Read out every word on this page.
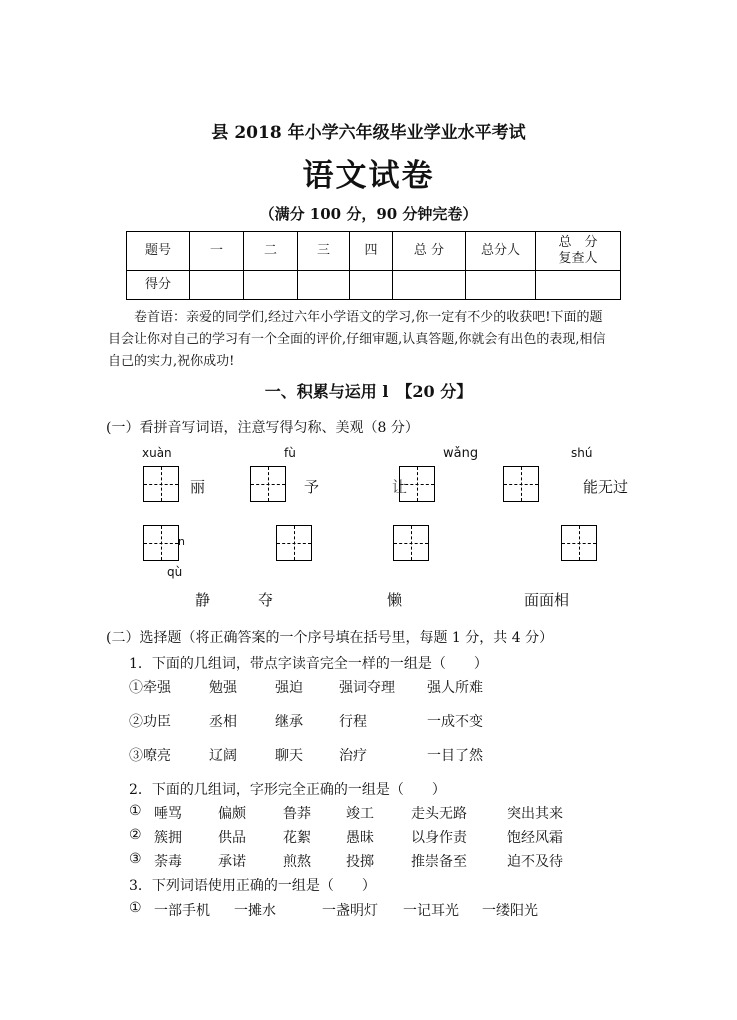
县 2018 年小学六年级毕业学业水平考试
语文试卷
（满分 100 分，90 分钟完卷）
题号	一	二	三	四	总 分	总分人	总　分
复查人

得分							
卷首语：亲爱的同学们,经过六年小学语文的学习,你一定有不少的收获吧!下面的题
目会让你对自己的学习有一个全面的评价,仔细审题,认真答题,你就会有出色的表现,相信
自己的实力,祝你成功!
一、积累与运用 l　【20 分】
(一）看拼音写词语，注意写得匀称、美观（8 分）
xuàn	fù	wǎng	shú
丽	予	让	能无过
n
qù
静	夺	懒	面面相
(二）选择题（将正确答案的一个序号填在括号里，每题 1 分，共 4 分）
1．下面的几组词，带点字读音完全一样的一组是（　　）
①牵强	勉强	强迫	强词夺理 强人所难
②功臣	丞相	继承	行程	一成不变
③嘹亮	辽阔	聊天	治疗	一目了然
2．下面的几组词，字形完全正确的一组是（　　）
① 唾骂	偏颇	鲁莽	竣工	走头无路	突出其来
② 簇拥	供品	花絮	愚昧	以身作责	饱经风霜
③ 荼毒	承诺	煎熬	投掷	推崇备至	迫不及待
3．下列词语使用正确的一组是（　　）
① 一部手机 一摊水	一盏明灯 一记耳光 一缕阳光
